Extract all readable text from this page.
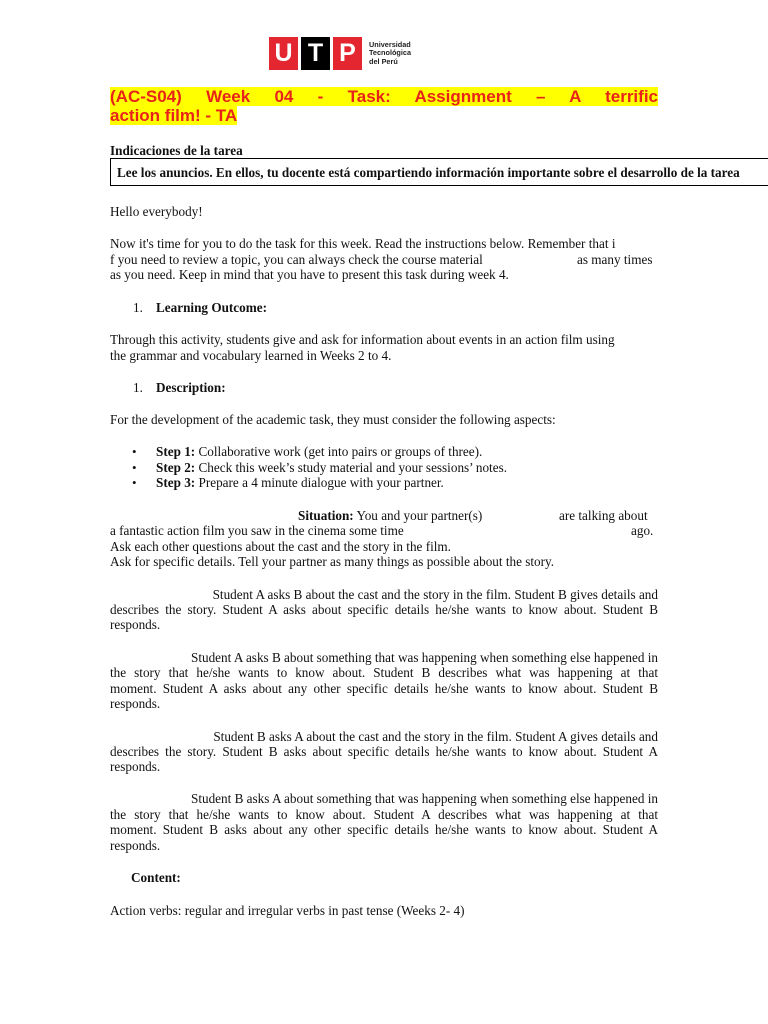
U T P	Universidad
Tecnológica
del Perú
(AC-S04) Week 04 - Task: Assignment – A terrific
action film! - TA
Indicaciones de la tarea
Lee los anuncios. En ellos, tu docente está compartiendo información importante sobre el desarrollo de la tarea
Hello everybody!
Now it's time for you to do the task for this week. Read the instructions below. Remember that i
f you need to review a topic, you can always check the course material	as many times
as you need. Keep in mind that you have to present this task during week 4.
1. Learning Outcome:
Through this activity, students give and ask for information about events in an action film using
the grammar and vocabulary learned in Weeks 2 to 4.
1. Description:
For the development of the academic task, they must consider the following aspects:
• Step 1: Collaborative work (get into pairs or groups of three).
• Step 2: Check this week’s study material and your sessions’ notes.
• Step 3: Prepare a 4 minute dialogue with your partner.
Situation: You and your partner(s)	are talking about
a fantastic action film you saw in the cinema some time	ago.
Ask each other questions about the cast and the story in the film.
Ask for specific details. Tell your partner as many things as possible about the story.
Student A asks B about the cast and the story in the film. Student B gives details and
describes the story. Student A asks about specific details he/she wants to know about. Student B
responds.
Student A asks B about something that was happening when something else happened in
the story that he/she wants to know about. Student B describes what was happening at that
moment. Student A asks about any other specific details he/she wants to know about. Student B
responds.
Student B asks A about the cast and the story in the film. Student A gives details and
describes the story. Student B asks about specific details he/she wants to know about. Student A
responds.
Student B asks A about something that was happening when something else happened in
the story that he/she wants to know about. Student A describes what was happening at that
moment. Student B asks about any other specific details he/she wants to know about. Student A
responds.
Content:
Action verbs: regular and irregular verbs in past tense (Weeks 2- 4)
